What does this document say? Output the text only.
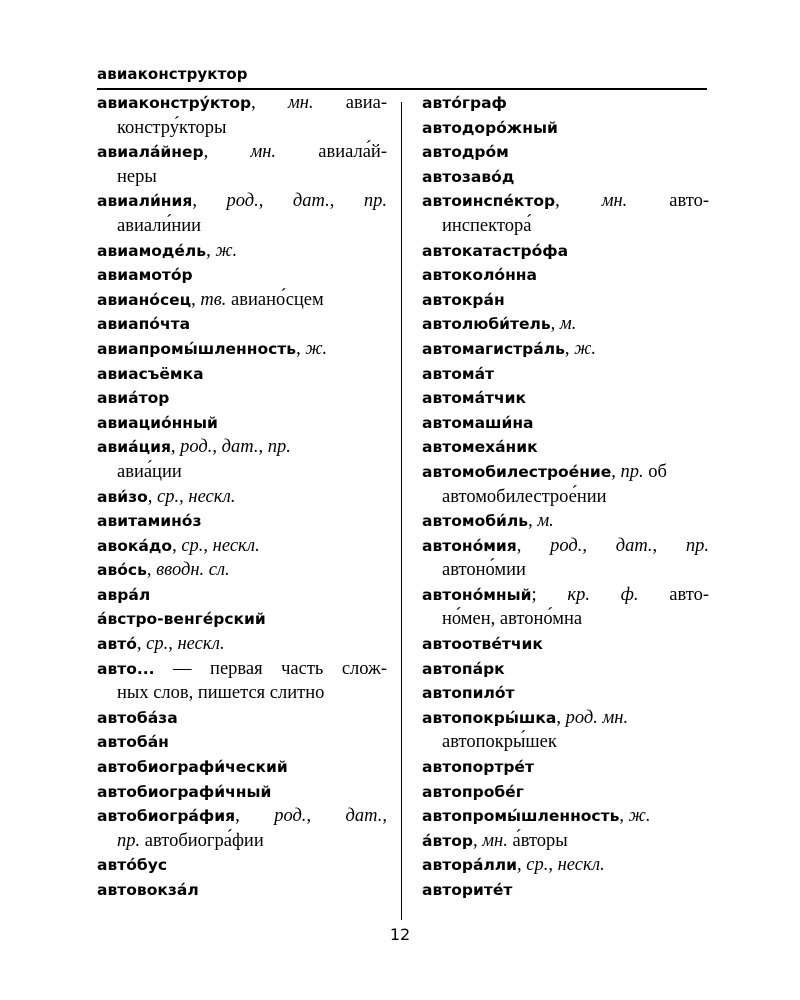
авиаконструктор
авиаконстру́ктор, мн. авиа-
констру́кторы
авиала́йнер, мн. авиала́й-
неры
авиали́ния, род., дат., пр.
авиали́нии
авиамоде́ль, ж.
авиамото́р
авиано́сец, тв. авиано́сцем
авиапо́чта
авиапромы́шленность, ж.
авиасъёмка
авиа́тор
авиацио́нный
авиа́ция, род., дат., пр.
авиа́ции
ави́зо, ср., нескл.
авитамино́з
авока́до, ср., нескл.
аво́сь, вводн. сл.
авра́л
а́встро-венге́рский
авто́, ср., нескл.
авто... — первая часть слож-
ных слов, пишется слитно
автоба́за
автоба́н
автобиографи́ческий
автобиографи́чный
автобиогра́фия, род., дат.,
пр. автобиогра́фии
авто́бус
автовокза́л
авто́граф
автодоро́жный
автодро́м
автозаво́д
автоинспе́ктор, мн. авто-
инспектора́
автокатастро́фа
автоколо́нна
автокра́н
автолюби́тель, м.
автомагистра́ль, ж.
автома́т
автома́тчик
автомаши́на
автомеха́ник
автомобилестрое́ние, пр. об
автомобилестрое́нии
автомоби́ль, м.
автоно́мия, род., дат., пр.
автоно́мии
автоно́мный; кр. ф. авто-
но́мен, автоно́мна
автоотве́тчик
автопа́рк
автопило́т
автопокры́шка, род. мн.
автопокры́шек
автопортре́т
автопробе́г
автопромы́шленность, ж.
а́втор, мн. а́вторы
автора́лли, ср., нескл.
авторите́т
12
